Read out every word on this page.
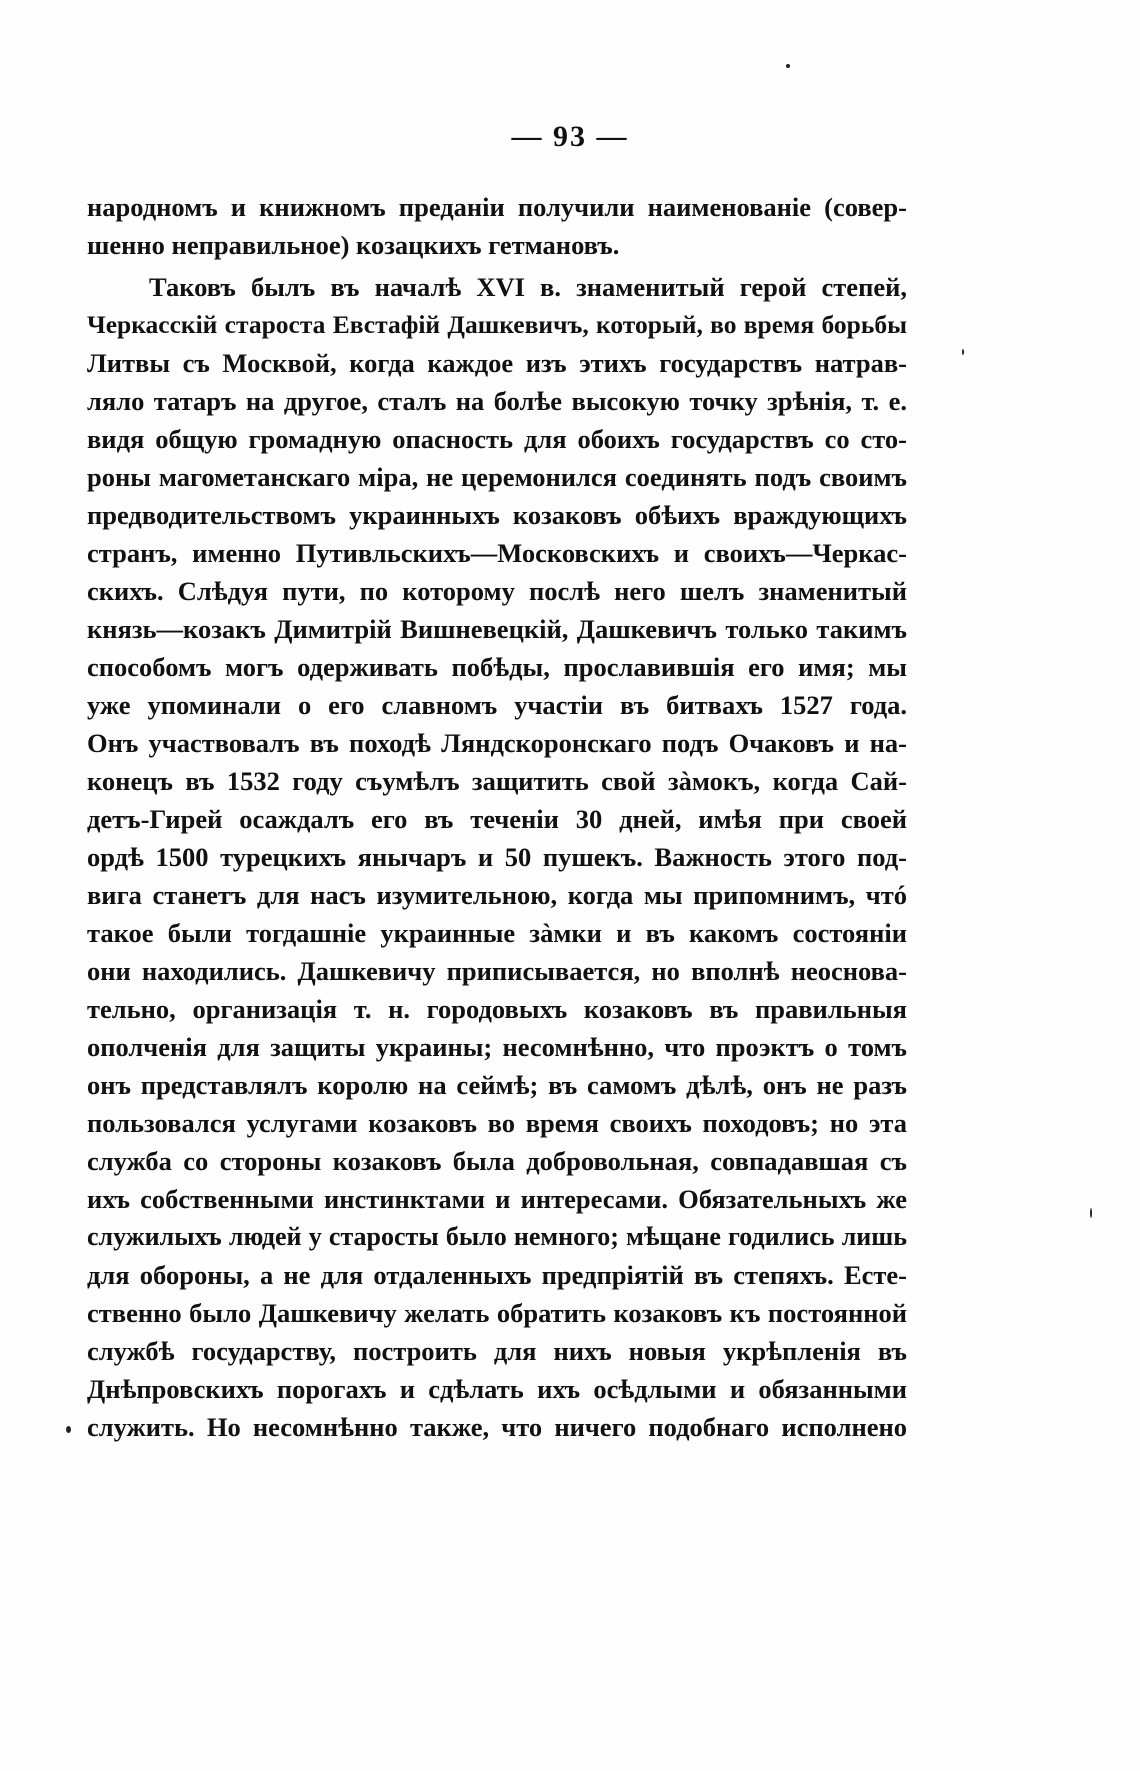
— 93 —
народномъ и книжномъ преданіи получили наименованіе (совер-
шенно неправильное) козацкихъ гетмановъ.
Таковъ былъ въ началѣ XVI в. знаменитый герой степей,
Черкасскій староста Евстафій Дашкевичъ, который, во время борьбы
Литвы съ Москвой, когда каждое изъ этихъ государствъ натрав-
ляло татаръ на другое, сталъ на болѣе высокую точку зрѣнія, т. е.
видя общую громадную опасность для обоихъ государствъ со сто-
роны магометанскаго міра, не церемонился соединять подъ своимъ
предводительствомъ украинныхъ козаковъ обѣихъ враждующихъ
странъ, именно Путивльскихъ—Московскихъ и своихъ—Черкас-
скихъ. Слѣдуя пути, по которому послѣ него шелъ знаменитый
князь—козакъ Димитрій Вишневецкій, Дашкевичъ только такимъ
способомъ могъ одерживать побѣды, прославившія его имя; мы
уже упоминали о его славномъ участіи въ битвахъ 1527 года.
Онъ участвовалъ въ походѣ Ляндскоронскаго подъ Очаковъ и на-
конецъ въ 1532 году съумѣлъ защитить свой зàмокъ, когда Сай-
детъ-Гирей осаждалъ его въ теченіи 30 дней, имѣя при своей
ордѣ 1500 турецкихъ янычаръ и 50 пушекъ. Важность этого под-
вига станетъ для насъ изумительною, когда мы припомнимъ, чтó
такое были тогдашніе украинные зàмки и въ какомъ состояніи
они находились. Дашкевичу приписывается, но вполнѣ неоснова-
тельно, организація т. н. городовыхъ козаковъ въ правильныя
ополченія для защиты украины; несомнѣнно, что проэктъ о томъ
онъ представлялъ королю на сеймѣ; въ самомъ дѣлѣ, онъ не разъ
пользовался услугами козаковъ во время своихъ походовъ; но эта
служба со стороны козаковъ была добровольная, совпадавшая съ
ихъ собственными инстинктами и интересами. Обязательныхъ же
служилыхъ людей у старосты было немного; мѣщане годились лишь
для обороны, а не для отдаленныхъ предпріятій въ степяхъ. Есте-
ственно было Дашкевичу желать обратить козаковъ къ постоянной
службѣ государству, построить для нихъ новыя укрѣпленія въ
Днѣпровскихъ порогахъ и сдѣлать ихъ осѣдлыми и обязанными
служить. Но несомнѣнно также, что ничего подобнаго исполнено
